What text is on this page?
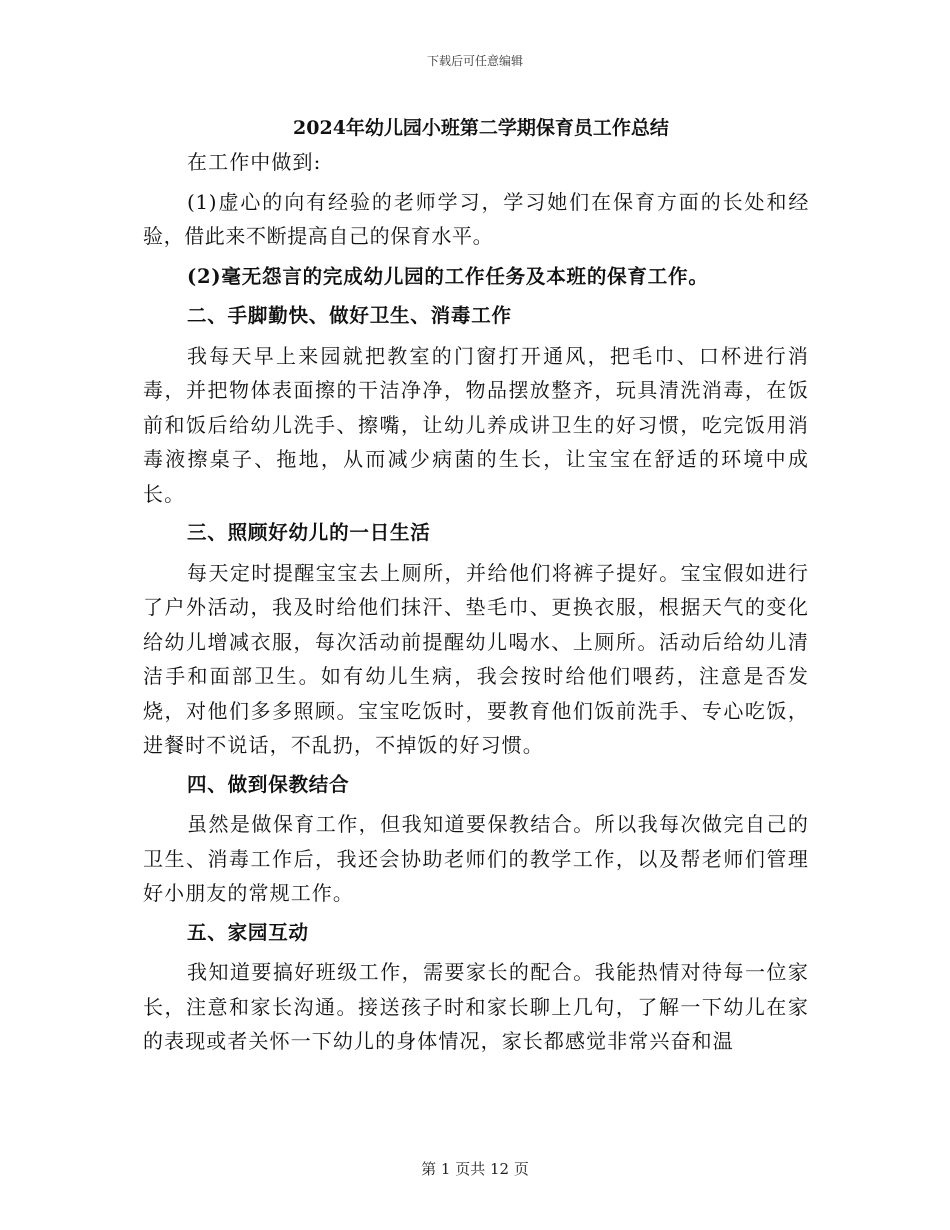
下载后可任意编辑

2024年幼儿园小班第二学期保育员工作总结

在工作中做到:

(1)虚心的向有经验的老师学习，学习她们在保育方面的长处和经验，借此来不断提高自己的保育水平。

(2)毫无怨言的完成幼儿园的工作任务及本班的保育工作。

二、手脚勤快、做好卫生、消毒工作

我每天早上来园就把教室的门窗打开通风，把毛巾、口杯进行消毒，并把物体表面擦的干洁净净，物品摆放整齐，玩具清洗消毒，在饭前和饭后给幼儿洗手、擦嘴，让幼儿养成讲卫生的好习惯，吃完饭用消毒液擦桌子、拖地，从而减少病菌的生长，让宝宝在舒适的环境中成长。

三、照顾好幼儿的一日生活

每天定时提醒宝宝去上厕所，并给他们将裤子提好。宝宝假如进行了户外活动，我及时给他们抹汗、垫毛巾、更换衣服，根据天气的变化给幼儿增减衣服，每次活动前提醒幼儿喝水、上厕所。活动后给幼儿清洁手和面部卫生。如有幼儿生病，我会按时给他们喂药，注意是否发烧，对他们多多照顾。宝宝吃饭时，要教育他们饭前洗手、专心吃饭，进餐时不说话，不乱扔，不掉饭的好习惯。

四、做到保教结合

虽然是做保育工作，但我知道要保教结合。所以我每次做完自己的卫生、消毒工作后，我还会协助老师们的教学工作，以及帮老师们管理好小朋友的常规工作。

五、家园互动

我知道要搞好班级工作，需要家长的配合。我能热情对待每一位家长，注意和家长沟通。接送孩子时和家长聊上几句，了解一下幼儿在家的表现或者关怀一下幼儿的身体情况，家长都感觉非常兴奋和温

第 1 页共 12 页
